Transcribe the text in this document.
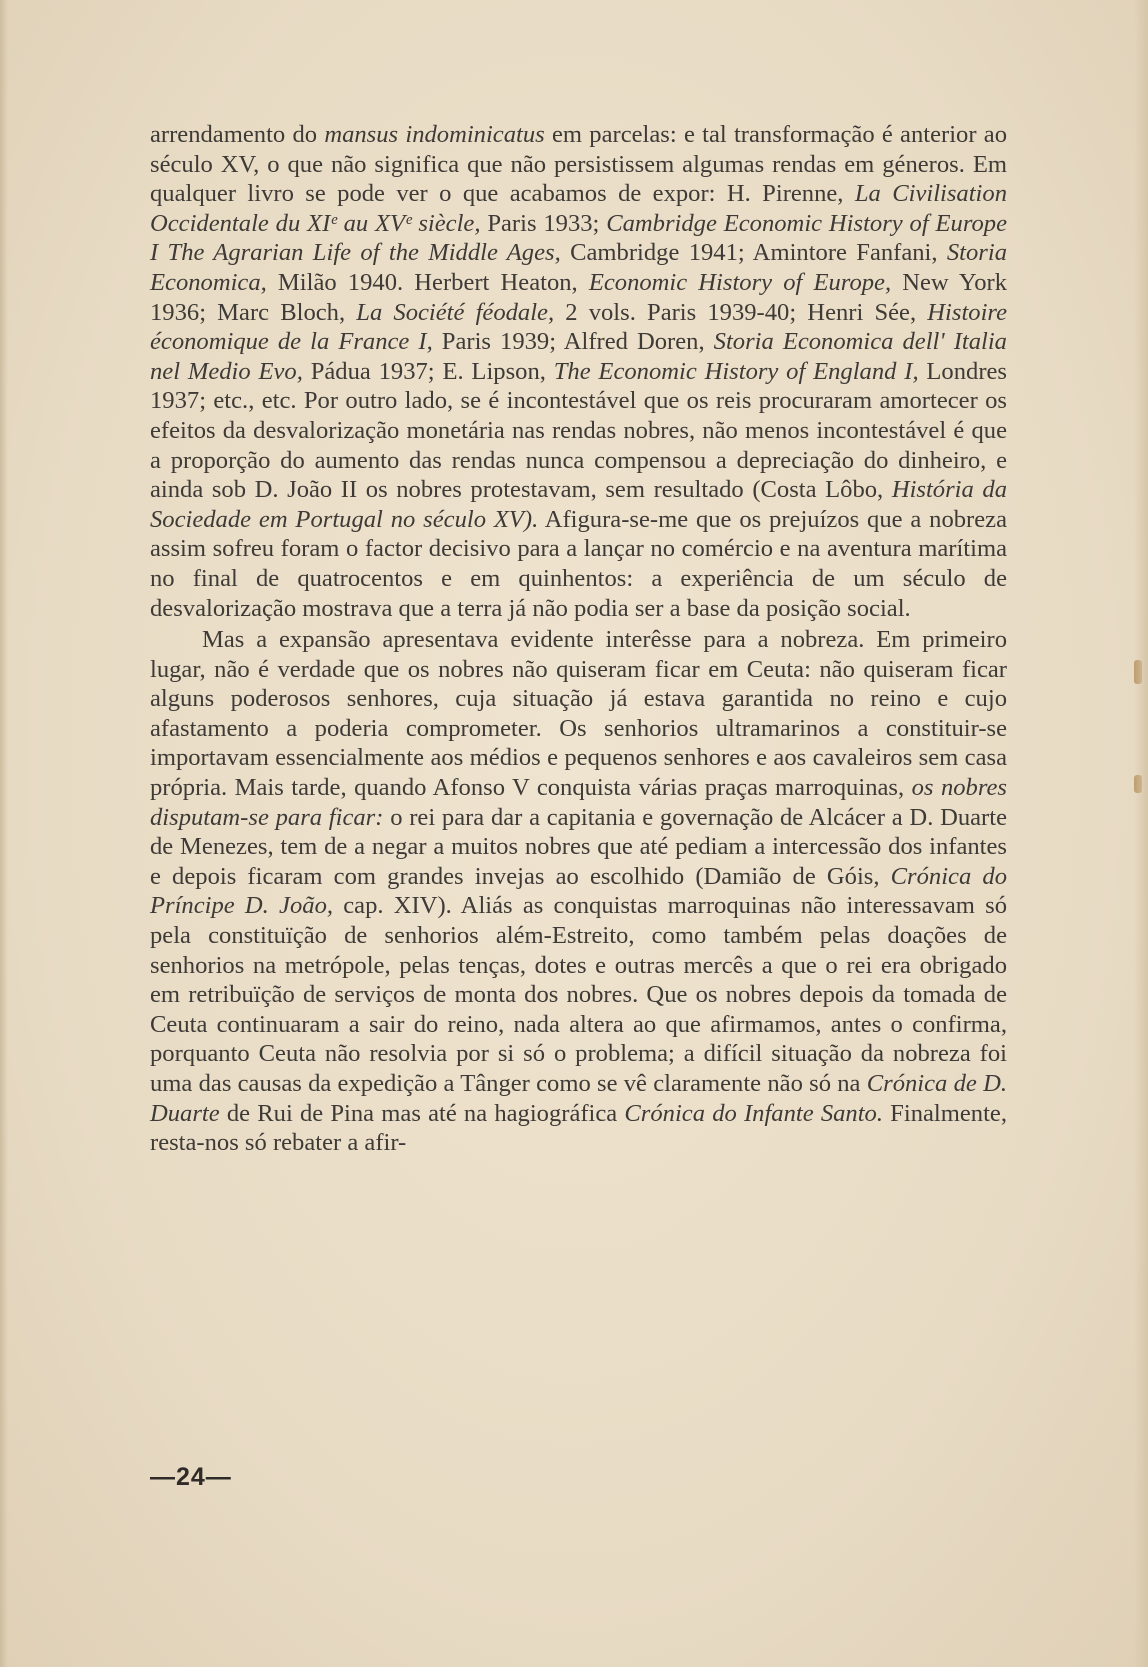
arrendamento do mansus indominicatus em parcelas: e tal transformação é anterior ao século XV, o que não significa que não persistissem algumas rendas em géneros. Em qualquer livro se pode ver o que acabamos de expor: H. Pirenne, La Civilisation Occidentale du XIᵉ au XVᵉ siècle, Paris 1933; Cambridge Economic History of Europe I The Agrarian Life of the Middle Ages, Cambridge 1941; Amintore Fanfani, Storia Economica, Milão 1940. Herbert Heaton, Economic History of Europe, New York 1936; Marc Bloch, La Société féodale, 2 vols. Paris 1939-40; Henri Sée, Histoire économique de la France I, Paris 1939; Alfred Doren, Storia Economica dell' Italia nel Medio Evo, Pádua 1937; E. Lipson, The Economic History of England I, Londres 1937; etc., etc. Por outro lado, se é incontestável que os reis procuraram amortecer os efeitos da desvalorização monetária nas rendas nobres, não menos incontestável é que a proporção do aumento das rendas nunca compensou a depreciação do dinheiro, e ainda sob D. João II os nobres protestavam, sem resultado (Costa Lôbo, História da Sociedade em Portugal no século XV). Afigura-se-me que os prejuízos que a nobreza assim sofreu foram o factor decisivo para a lançar no comércio e na aventura marítima no final de quatrocentos e em quinhentos: a experiência de um século de desvalorização mostrava que a terra já não podia ser a base da posição social.

Mas a expansão apresentava evidente interêsse para a nobreza. Em primeiro lugar, não é verdade que os nobres não quiseram ficar em Ceuta: não quiseram ficar alguns poderosos senhores, cuja situação já estava garantida no reino e cujo afastamento a poderia comprometer. Os senhorios ultramarinos a constituir-se importavam essencialmente aos médios e pequenos senhores e aos cavaleiros sem casa própria. Mais tarde, quando Afonso V conquista várias praças marroquinas, os nobres disputam-se para ficar: o rei para dar a capitania e governação de Alcácer a D. Duarte de Menezes, tem de a negar a muitos nobres que até pediam a intercessão dos infantes e depois ficaram com grandes invejas ao escolhido (Damião de Góis, Crónica do Príncipe D. João, cap. XIV). Aliás as conquistas marroquinas não interessavam só pela constituïção de senhorios além-Estreito, como também pelas doações de senhorios na metrópole, pelas tenças, dotes e outras mercês a que o rei era obrigado em retribuïção de serviços de monta dos nobres. Que os nobres depois da tomada de Ceuta continuaram a sair do reino, nada altera ao que afirmamos, antes o confirma, porquanto Ceuta não resolvia por si só o problema; a difícil situação da nobreza foi uma das causas da expedição a Tânger como se vê claramente não só na Crónica de D. Duarte de Rui de Pina mas até na hagiográfica Crónica do Infante Santo. Finalmente, resta-nos só rebater a afir-

—24—
